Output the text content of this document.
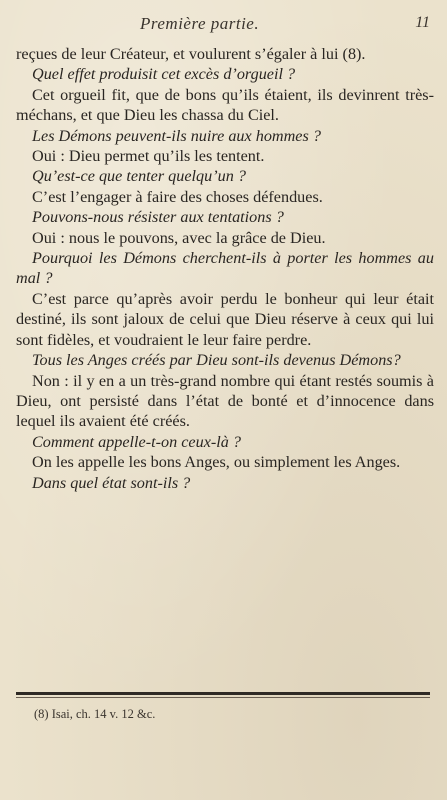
Première partie.	11

reçues de leur Créateur, et voulurent s’égaler à lui (8).

Quel effet produisit cet excès d’orgueil ?

Cet orgueil fit, que de bons qu’ils étaient, ils devinrent très-méchans, et que Dieu les chassa du Ciel.

Les Démons peuvent-ils nuire aux hommes ?

Oui : Dieu permet qu’ils les tentent.

Qu’est-ce que tenter quelqu’un ?

C’est l’engager à faire des choses défendues.

Pouvons-nous résister aux tentations ?

Oui : nous le pouvons, avec la grâce de Dieu.

Pourquoi les Démons cherchent-ils à porter les hommes au mal ?

C’est parce qu’après avoir perdu le bonheur qui leur était destiné, ils sont jaloux de celui que Dieu réserve à ceux qui lui sont fidèles, et voudraient le leur faire perdre.

Tous les Anges créés par Dieu sont-ils devenus Démons?

Non : il y en a un très-grand nombre qui étant restés soumis à Dieu, ont persisté dans l’état de bonté et d’innocence dans lequel ils avaient été créés.

Comment appelle-t-on ceux-là ?

On les appelle les bons Anges, ou simplement les Anges.

Dans quel état sont-ils ?

(8) Isai, ch. 14 v. 12 &c.
